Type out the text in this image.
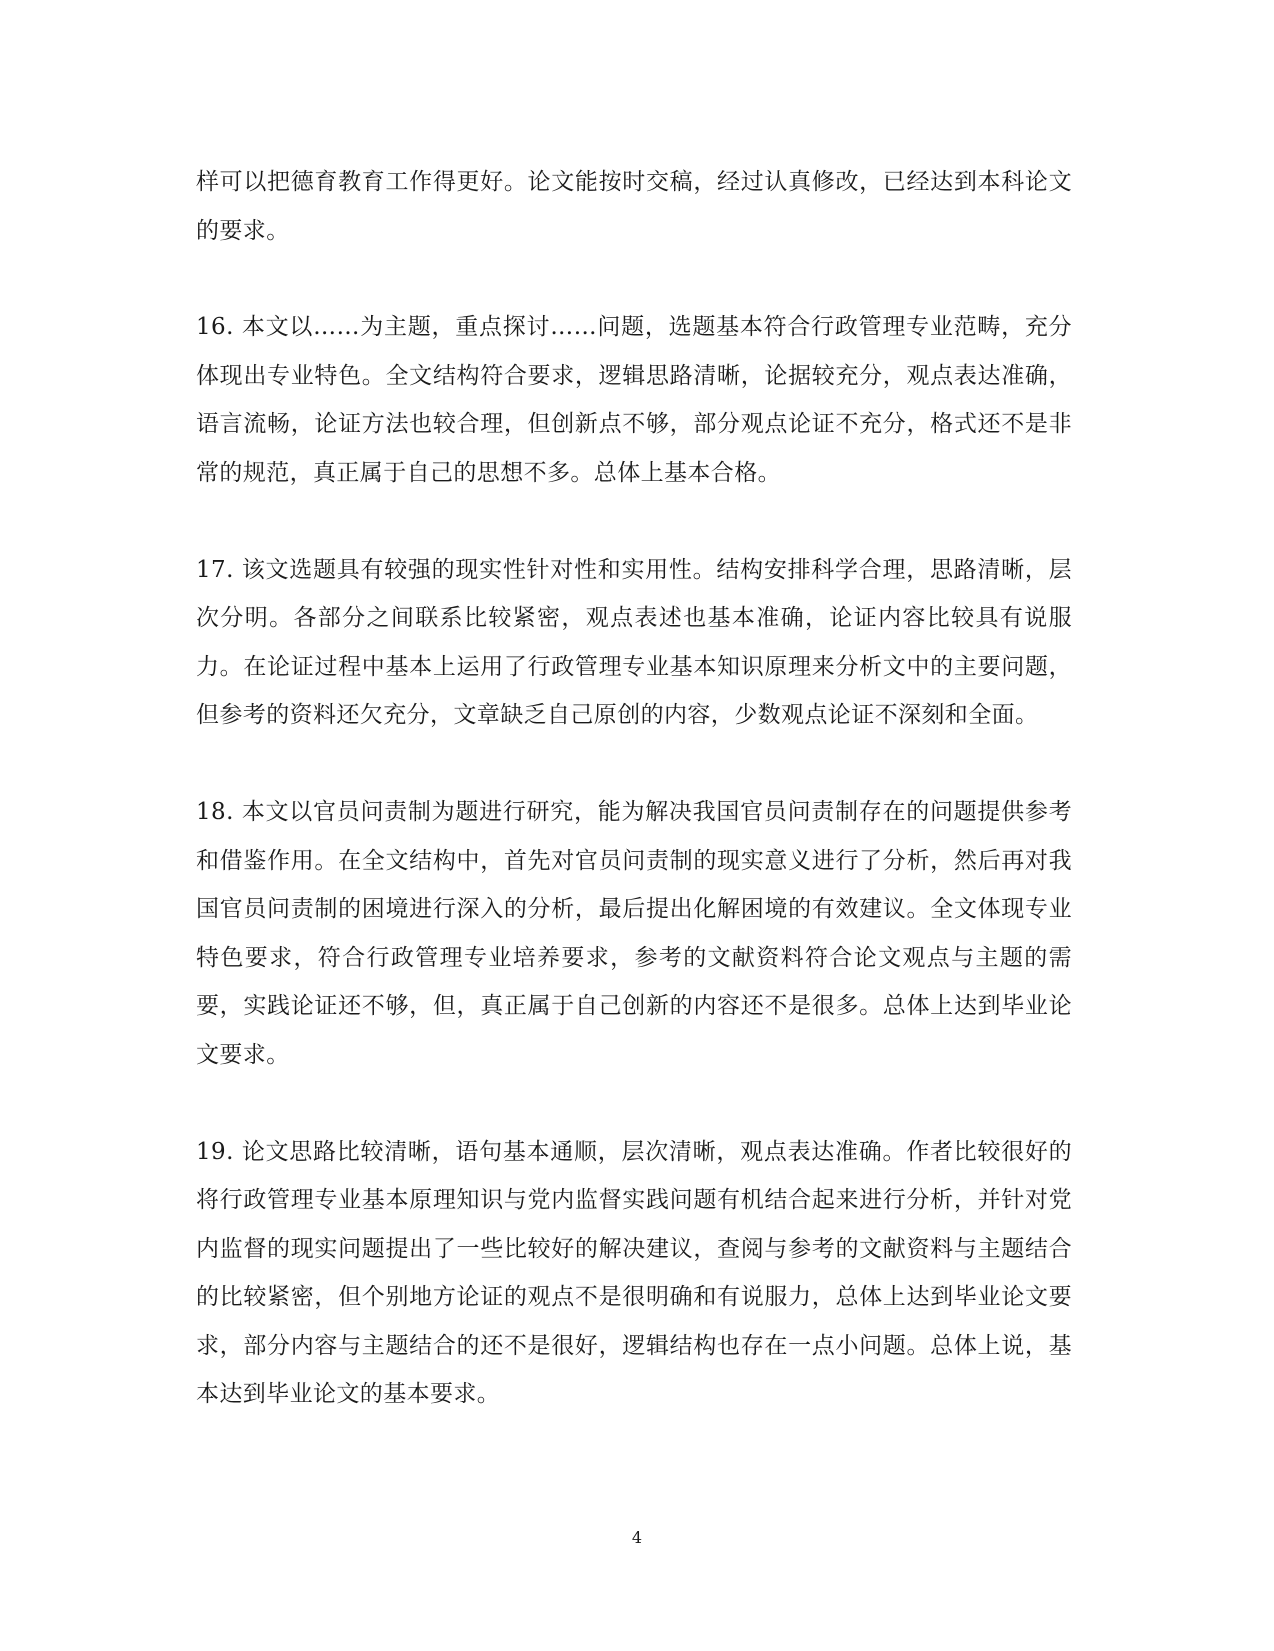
样可以把德育教育工作得更好。论文能按时交稿，经过认真修改，已经达到本科论文的要求。

16. 本文以……为主题，重点探讨……问题，选题基本符合行政管理专业范畴，充分体现出专业特色。全文结构符合要求，逻辑思路清晰，论据较充分，观点表达准确，语言流畅，论证方法也较合理，但创新点不够，部分观点论证不充分，格式还不是非常的规范，真正属于自己的思想不多。总体上基本合格。

17. 该文选题具有较强的现实性针对性和实用性。结构安排科学合理，思路清晰，层次分明。各部分之间联系比较紧密，观点表述也基本准确，论证内容比较具有说服力。在论证过程中基本上运用了行政管理专业基本知识原理来分析文中的主要问题，但参考的资料还欠充分，文章缺乏自己原创的内容，少数观点论证不深刻和全面。

18. 本文以官员问责制为题进行研究，能为解决我国官员问责制存在的问题提供参考和借鉴作用。在全文结构中，首先对官员问责制的现实意义进行了分析，然后再对我国官员问责制的困境进行深入的分析，最后提出化解困境的有效建议。全文体现专业特色要求，符合行政管理专业培养要求，参考的文献资料符合论文观点与主题的需要，实践论证还不够，但，真正属于自己创新的内容还不是很多。总体上达到毕业论文要求。

19. 论文思路比较清晰，语句基本通顺，层次清晰，观点表达准确。作者比较很好的将行政管理专业基本原理知识与党内监督实践问题有机结合起来进行分析，并针对党内监督的现实问题提出了一些比较好的解决建议，查阅与参考的文献资料与主题结合的比较紧密，但个别地方论证的观点不是很明确和有说服力，总体上达到毕业论文要求，部分内容与主题结合的还不是很好，逻辑结构也存在一点小问题。总体上说，基本达到毕业论文的基本要求。

4
